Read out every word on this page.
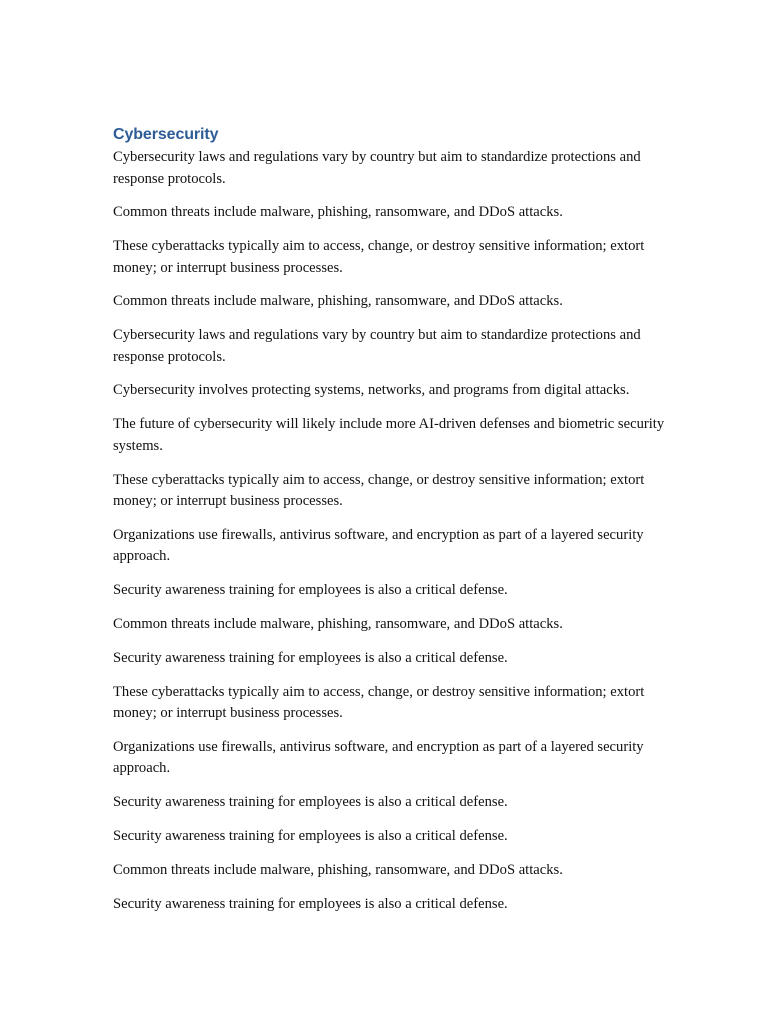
Cybersecurity

Cybersecurity laws and regulations vary by country but aim to standardize protections and response protocols.

Common threats include malware, phishing, ransomware, and DDoS attacks.

These cyberattacks typically aim to access, change, or destroy sensitive information; extort money; or interrupt business processes.

Common threats include malware, phishing, ransomware, and DDoS attacks.

Cybersecurity laws and regulations vary by country but aim to standardize protections and response protocols.

Cybersecurity involves protecting systems, networks, and programs from digital attacks.

The future of cybersecurity will likely include more AI-driven defenses and biometric security systems.

These cyberattacks typically aim to access, change, or destroy sensitive information; extort money; or interrupt business processes.

Organizations use firewalls, antivirus software, and encryption as part of a layered security approach.

Security awareness training for employees is also a critical defense.

Common threats include malware, phishing, ransomware, and DDoS attacks.

Security awareness training for employees is also a critical defense.

These cyberattacks typically aim to access, change, or destroy sensitive information; extort money; or interrupt business processes.

Organizations use firewalls, antivirus software, and encryption as part of a layered security approach.

Security awareness training for employees is also a critical defense.

Security awareness training for employees is also a critical defense.

Common threats include malware, phishing, ransomware, and DDoS attacks.

Security awareness training for employees is also a critical defense.
